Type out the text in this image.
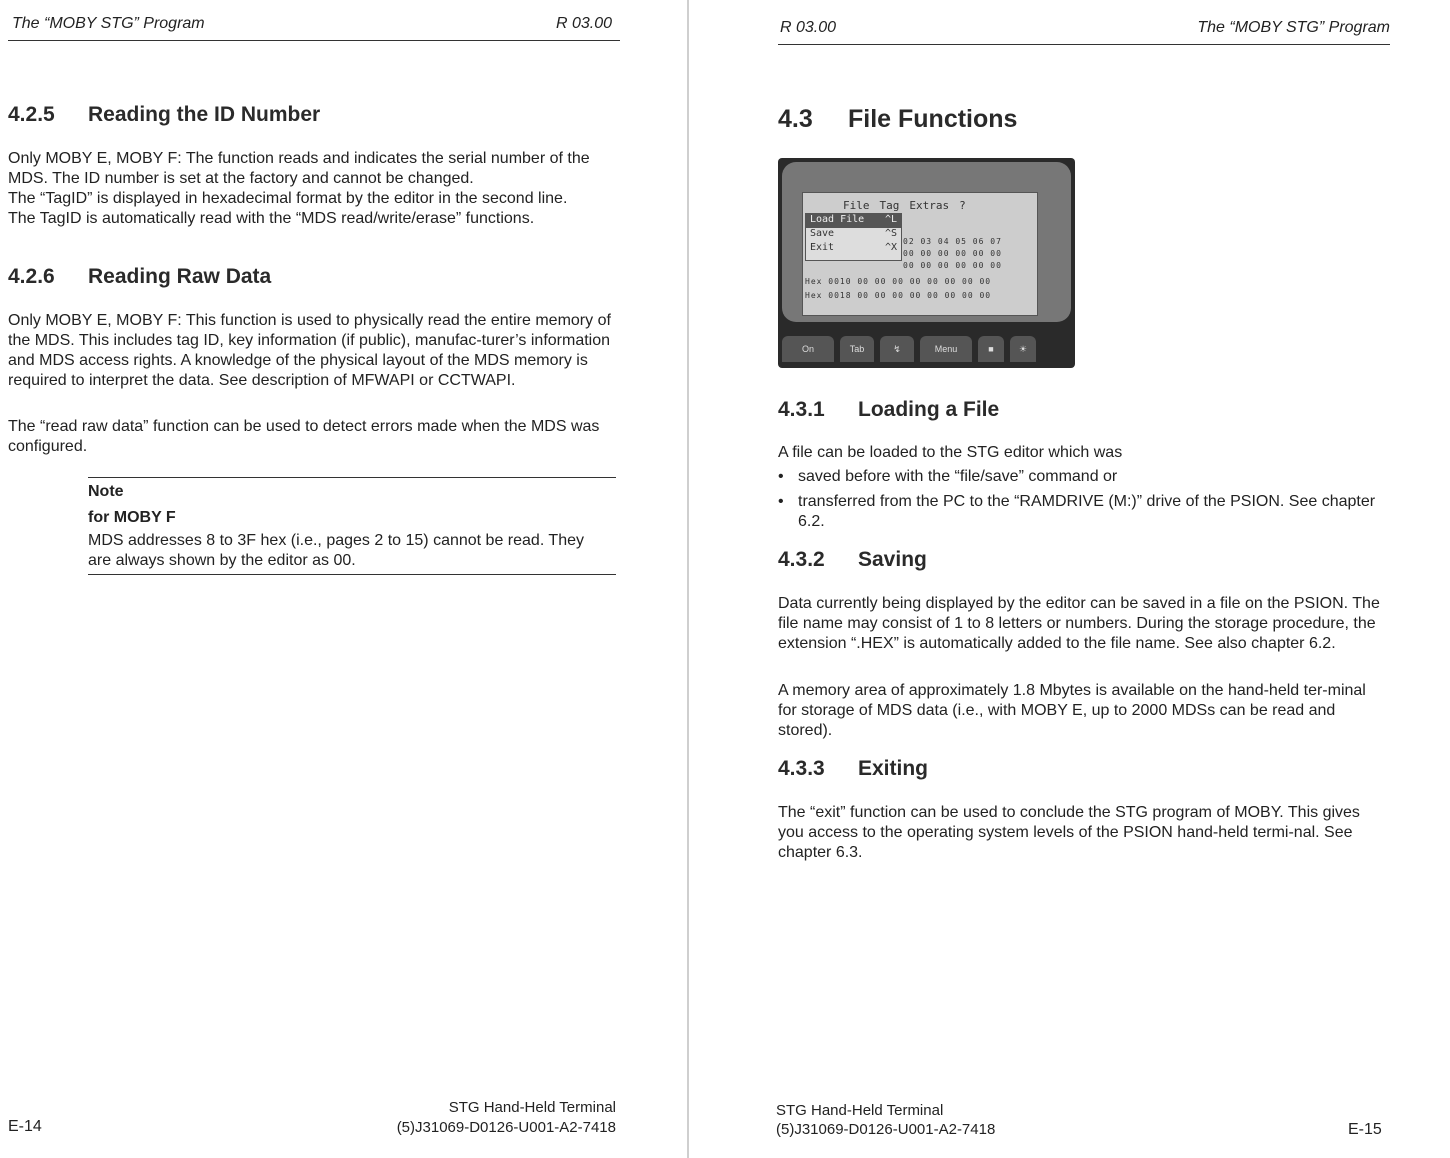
The “MOBY STG” Program	R 03.00
4.2.5 Reading the ID Number
Only MOBY E, MOBY F: The function reads and indicates the serial number of the MDS. The ID number is set at the factory and cannot be changed.
The “TagID” is displayed in hexadecimal format by the editor in the second line.
The TagID is automatically read with the “MDS read/write/erase” functions.
4.2.6 Reading Raw Data
Only MOBY E, MOBY F: This function is used to physically read the entire memory of the MDS. This includes tag ID, key information (if public), manufac-turer’s information and MDS access rights. A knowledge of the physical layout of the MDS memory is required to interpret the data. See description of MFWAPI or CCTWAPI.
The “read raw data” function can be used to detect errors made when the MDS was configured.
Note
for MOBY F
MDS addresses 8 to 3F hex (i.e., pages 2 to 15) cannot be read. They are always shown by the editor as 00.
E-14
STG Hand-Held Terminal
(5)J31069-D0126-U001-A2-7418
R 03.00	The “MOBY STG” Program
4.3 File Functions
File Tag Extras ?
Load File ^L
Save	^S
Exit	^X
02 03 04 05 06 07
00 00 00 00 00 00
00 00 00 00 00 00
Hex 0010 00 00 00 00 00 00 00 00
Hex 0018 00 00 00 00 00 00 00 00
On	Tab	↯	Menu	■	☀
4.3.1 Loading a File
A file can be loaded to the STG editor which was
• saved before with the “file/save” command or
• transferred from the PC to the “RAMDRIVE (M:)” drive of the PSION. See chapter 6.2.
4.3.2 Saving
Data currently being displayed by the editor can be saved in a file on the PSION. The file name may consist of 1 to 8 letters or numbers. During the storage procedure, the extension “.HEX” is automatically added to the file name. See also chapter 6.2.
A memory area of approximately 1.8 Mbytes is available on the hand-held ter-minal for storage of MDS data (i.e., with MOBY E, up to 2000 MDSs can be read and stored).
4.3.3 Exiting
The “exit” function can be used to conclude the STG program of MOBY. This gives you access to the operating system levels of the PSION hand-held termi-nal. See chapter 6.3.
STG Hand-Held Terminal
(5)J31069-D0126-U001-A2-7418	E-15
